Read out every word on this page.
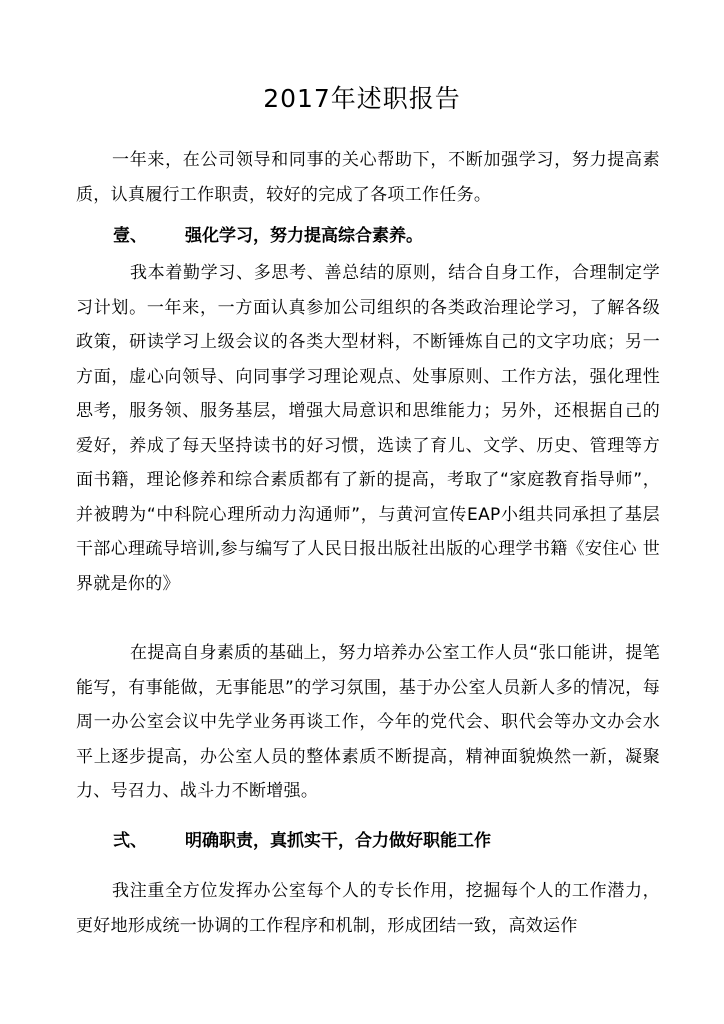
2017年述职报告

一年来，在公司领导和同事的关心帮助下，不断加强学习，努力提高素质，认真履行工作职责，较好的完成了各项工作任务。

壹、 强化学习，努力提高综合素养。

我本着勤学习、多思考、善总结的原则，结合自身工作，合理制定学习计划。一年来，一方面认真参加公司组织的各类政治理论学习，了解各级政策，研读学习上级会议的各类大型材料，不断锤炼自己的文字功底；另一方面，虚心向领导、向同事学习理论观点、处事原则、工作方法，强化理性思考，服务领、服务基层，增强大局意识和思维能力；另外，还根据自己的爱好，养成了每天坚持读书的好习惯，选读了育儿、文学、历史、管理等方面书籍，理论修养和综合素质都有了新的提高，考取了“家庭教育指导师”，并被聘为“中科院心理所动力沟通师”，与黄河宣传EAP小组共同承担了基层干部心理疏导培训,参与编写了人民日报出版社出版的心理学书籍《安住心 世界就是你的》

在提高自身素质的基础上，努力培养办公室工作人员“张口能讲，提笔能写，有事能做，无事能思”的学习氛围，基于办公室人员新人多的情况，每周一办公室会议中先学业务再谈工作，今年的党代会、职代会等办文办会水平上逐步提高，办公室人员的整体素质不断提高，精神面貌焕然一新，凝聚力、号召力、战斗力不断增强。

弍、 明确职责，真抓实干，合力做好职能工作

我注重全方位发挥办公室每个人的专长作用，挖掘每个人的工作潜力，更好地形成统一协调的工作程序和机制，形成团结一致，高效运作
